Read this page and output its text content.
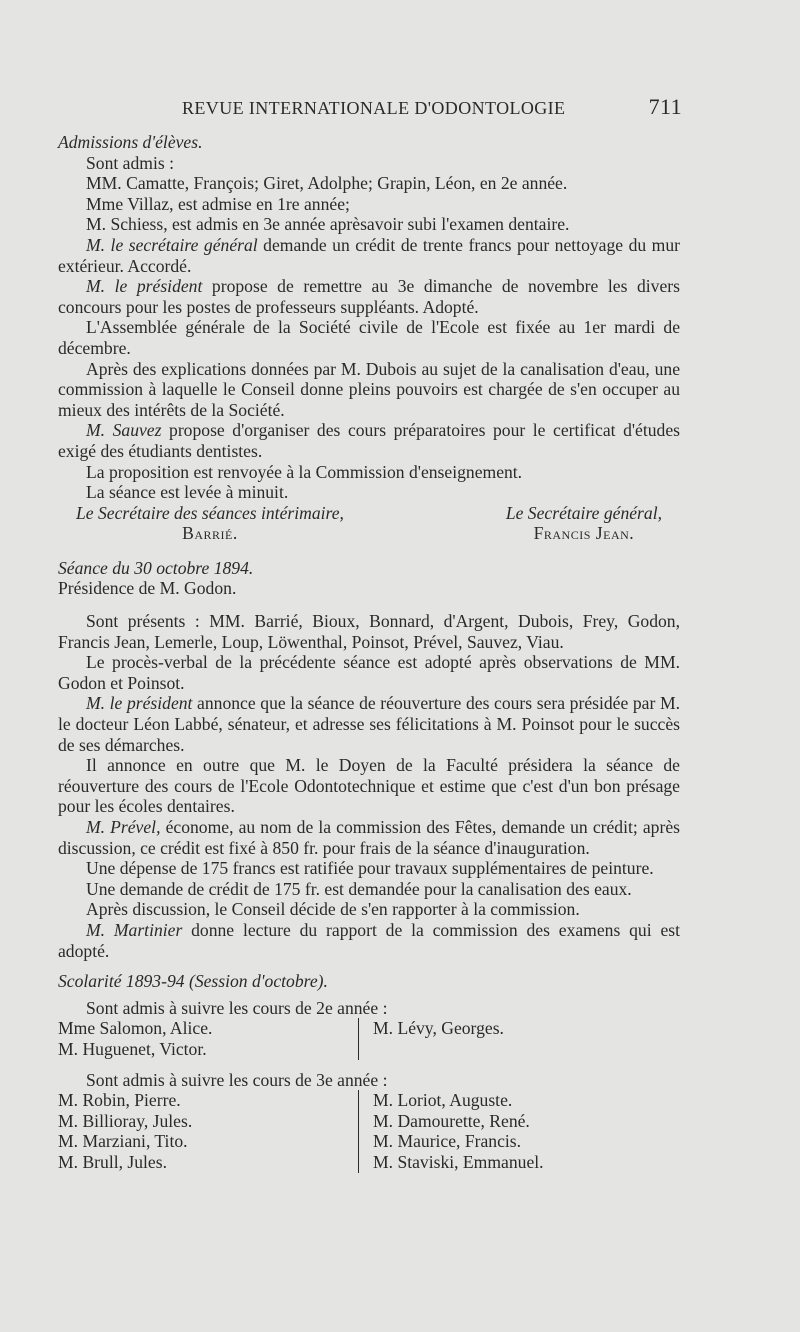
REVUE INTERNATIONALE D'ODONTOLOGIE	711

Admissions d'élèves.

Sont admis :

MM. Camatte, François; Giret, Adolphe; Grapin, Léon, en 2e année.

Mme Villaz, est admise en 1re année;

M. Schiess, est admis en 3e année aprèsavoir subi l'examen dentaire.

M. le secrétaire général demande un crédit de trente francs pour nettoyage du mur extérieur. Accordé.

M. le président propose de remettre au 3e dimanche de novembre les divers concours pour les postes de professeurs suppléants. Adopté.

L'Assemblée générale de la Société civile de l'Ecole est fixée au 1er mardi de décembre.

Après des explications données par M. Dubois au sujet de la canalisation d'eau, une commission à laquelle le Conseil donne pleins pouvoirs est chargée de s'en occuper au mieux des intérêts de la Société.

M. Sauvez propose d'organiser des cours préparatoires pour le certificat d'études exigé des étudiants dentistes.

La proposition est renvoyée à la Commission d'enseignement.

La séance est levée à minuit.

Le Secrétaire des séances intérimaire,
Barrié.
Le Secrétaire général,
Francis Jean.

Séance du 30 octobre 1894.

Présidence de M. Godon.

Sont présents : MM. Barrié, Bioux, Bonnard, d'Argent, Dubois, Frey, Godon, Francis Jean, Lemerle, Loup, Löwenthal, Poinsot, Prével, Sauvez, Viau.

Le procès-verbal de la précédente séance est adopté après observations de MM. Godon et Poinsot.

M. le président annonce que la séance de réouverture des cours sera présidée par M. le docteur Léon Labbé, sénateur, et adresse ses félicitations à M. Poinsot pour le succès de ses démarches.

Il annonce en outre que M. le Doyen de la Faculté présidera la séance de réouverture des cours de l'Ecole Odontotechnique et estime que c'est d'un bon présage pour les écoles dentaires.

M. Prével, économe, au nom de la commission des Fêtes, demande un crédit; après discussion, ce crédit est fixé à 850 fr. pour frais de la séance d'inauguration.

Une dépense de 175 francs est ratifiée pour travaux supplémentaires de peinture.

Une demande de crédit de 175 fr. est demandée pour la canalisation des eaux.

Après discussion, le Conseil décide de s'en rapporter à la commission.

M. Martinier donne lecture du rapport de la commission des examens qui est adopté.

Scolarité 1893-94 (Session d'octobre).

Sont admis à suivre les cours de 2e année :

Mme Salomon, Alice.
M. Huguenet, Victor.
M. Lévy, Georges.

Sont admis à suivre les cours de 3e année :

M. Robin, Pierre.
M. Billioray, Jules.
M. Marziani, Tito.
M. Brull, Jules.
M. Loriot, Auguste.
M. Damourette, René.
M. Maurice, Francis.
M. Staviski, Emmanuel.
